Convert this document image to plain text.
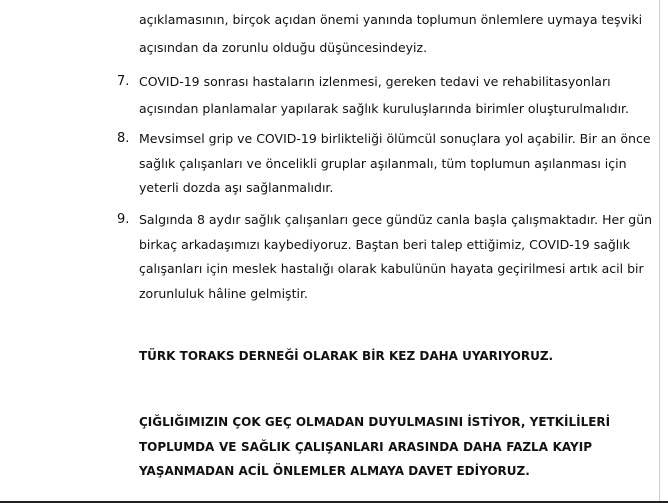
açıklamasının, birçok açıdan önemi yanında toplumun önlemlere uymaya teşviki
açısından da zorunlu olduğu düşüncesindeyiz.
7. COVID-19 sonrası hastaların izlenmesi, gereken tedavi ve rehabilitasyonları
açısından planlamalar yapılarak sağlık kuruluşlarında birimler oluşturulmalıdır.
8. Mevsimsel grip ve COVID-19 birlikteliği ölümcül sonuçlara yol açabilir. Bir an önce
sağlık çalışanları ve öncelikli gruplar aşılanmalı, tüm toplumun aşılanması için
yeterli dozda aşı sağlanmalıdır.
9. Salgında 8 aydır sağlık çalışanları gece gündüz canla başla çalışmaktadır. Her gün
birkaç arkadaşımızı kaybediyoruz. Baştan beri talep ettiğimiz, COVID-19 sağlık
çalışanları için meslek hastalığı olarak kabulünün hayata geçirilmesi artık acil bir
zorunluluk hâline gelmiştir.
TÜRK TORAKS DERNEĞİ OLARAK BİR KEZ DAHA UYARIYORUZ.
ÇIĞLIĞIMIZIN ÇOK GEÇ OLMADAN DUYULMASINI İSTİYOR, YETKİLİLERİ
TOPLUMDA VE SAĞLIK ÇALIŞANLARI ARASINDA DAHA FAZLA KAYIP
YAŞANMADAN ACİL ÖNLEMLER ALMAYA DAVET EDİYORUZ.
